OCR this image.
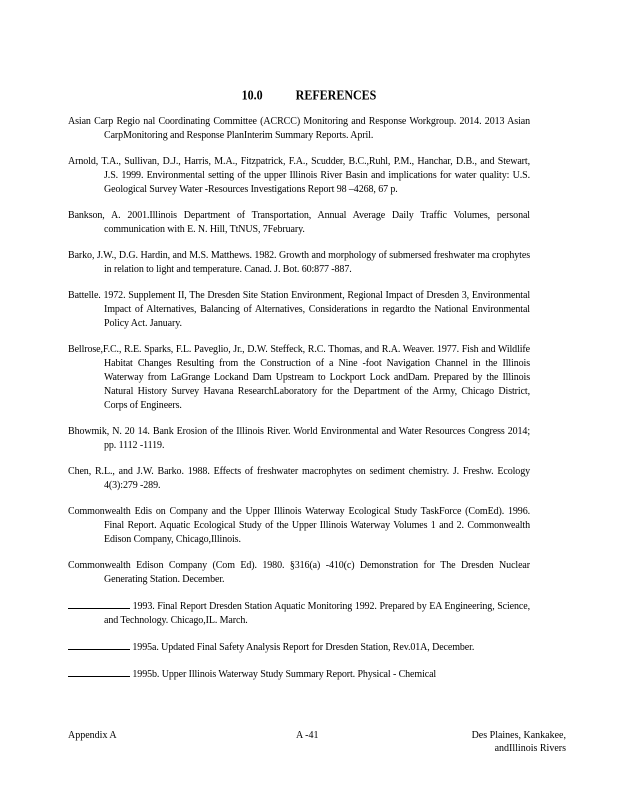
10.0	REFERENCES

Asian Carp Regio nal Coordinating Committee (ACRCC) Monitoring and Response Workgroup. 2014. 2013 Asian CarpMonitoring and Response PlanInterim Summary Reports. April.

Arnold, T.A., Sullivan, D.J., Harris, M.A., Fitzpatrick, F.A., Scudder, B.C.,Ruhl, P.M., Hanchar, D.B., and Stewart, J.S. 1999. Environmental setting of the upper Illinois River Basin and implications for water quality: U.S. Geological Survey Water -Resources Investigations Report 98 –4268, 67 p.

Bankson, A. 2001.Illinois Department of Transportation, Annual Average Daily Traffic Volumes, personal communication with E. N. Hill, TtNUS, 7February.

Barko, J.W., D.G. Hardin, and M.S. Matthews. 1982. Growth and morphology of submersed freshwater ma crophytes in relation to light and temperature. Canad. J. Bot. 60:877 -887.

Battelle. 1972. Supplement II, The Dresden Site Station Environment, Regional Impact of Dresden 3, Environmental Impact of Alternatives, Balancing of Alternatives, Considerations in regardto the National Environmental Policy Act. January.

Bellrose,F.C., R.E. Sparks, F.L. Paveglio, Jr., D.W. Steffeck, R.C. Thomas, and R.A. Weaver. 1977. Fish and Wildlife Habitat Changes Resulting from the Construction of a Nine -foot Navigation Channel in the Illinois Waterway from LaGrange Lockand Dam Upstream to Lockport Lock andDam. Prepared by the Illinois Natural History Survey Havana ResearchLaboratory for the Department of the Army, Chicago District, Corps of Engineers.

Bhowmik, N. 20 14. Bank Erosion of the Illinois River. World Environmental and Water Resources Congress 2014; pp. 1112 -1119.

Chen, R.L., and J.W. Barko. 1988. Effects of freshwater macrophytes on sediment chemistry. J. Freshw. Ecology 4(3):279 -289.

Commonwealth Edis on Company and the Upper Illinois Waterway Ecological Study TaskForce (ComEd). 1996. Final Report. Aquatic Ecological Study of the Upper Illinois Waterway Volumes 1 and 2. Commonwealth Edison Company, Chicago,Illinois.

Commonwealth Edison Company (Com Ed). 1980. §316(a) -410(c) Demonstration for The Dresden Nuclear Generating Station. December.

1993. Final Report Dresden Station Aquatic Monitoring 1992. Prepared by EA Engineering, Science, and Technology. Chicago,IL. March.

1995a. Updated Final Safety Analysis Report for Dresden Station, Rev.01A, December.

1995b. Upper Illinois Waterway Study Summary Report. Physical - Chemical

Appendix A	A -41	Des Plaines, Kankakee,
andIllinois Rivers
